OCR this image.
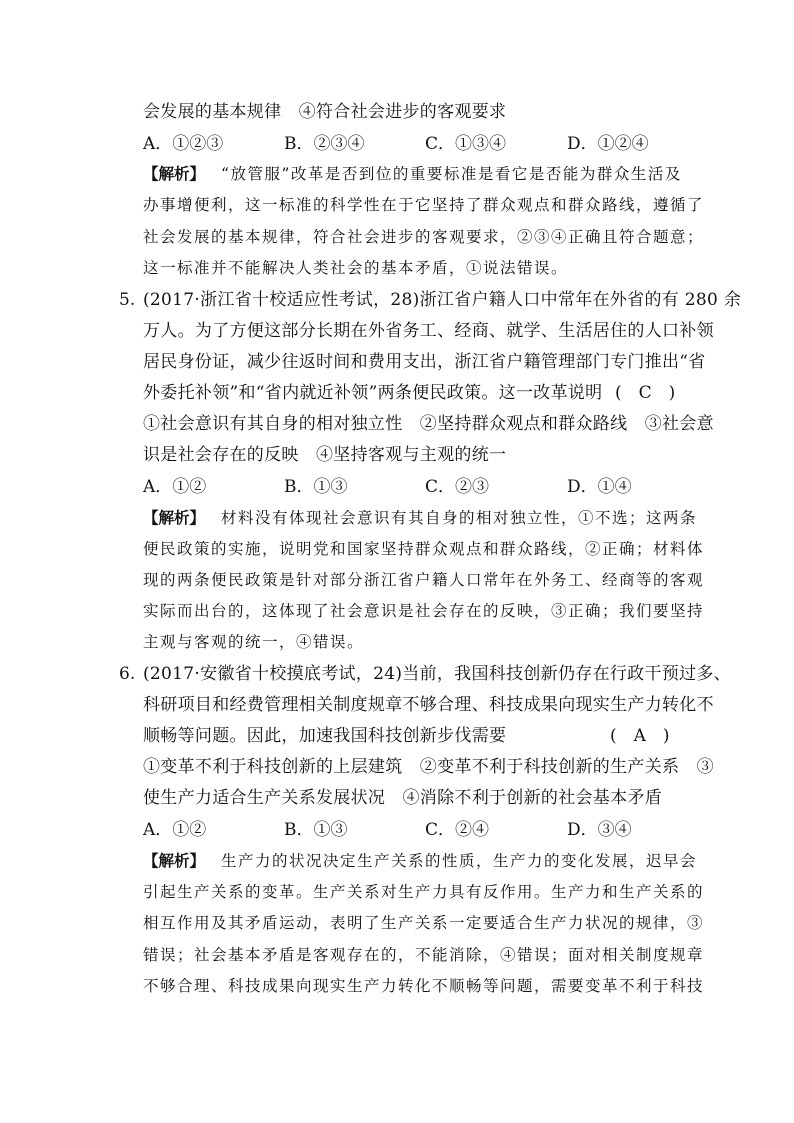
会发展的基本规律　④符合社会进步的客观要求
A．①②③	B．②③④	C．①③④	D．①②④
【解析】 “放管服”改革是否到位的重要标准是看它是否能为群众生活及
办事增便利，这一标准的科学性在于它坚持了群众观点和群众路线，遵循了
社会发展的基本规律，符合社会进步的客观要求，②③④正确且符合题意；
这一标准并不能解决人类社会的基本矛盾，①说法错误。
5. (2017·浙江省十校适应性考试，28)浙江省户籍人口中常年在外省的有 280 余
万人。为了方便这部分长期在外省务工、经商、就学、生活居住的人口补领
居民身份证，减少往返时间和费用支出，浙江省户籍管理部门专门推出“省
外委托补领”和“省内就近补领”两条便民政策。这一改革说明 (　C　)
①社会意识有其自身的相对独立性　②坚持群众观点和群众路线　③社会意
识是社会存在的反映　④坚持客观与主观的统一
A．①②	B．①③	C．②③	D．①④
【解析】 材料没有体现社会意识有其自身的相对独立性，①不选；这两条
便民政策的实施，说明党和国家坚持群众观点和群众路线，②正确；材料体
现的两条便民政策是针对部分浙江省户籍人口常年在外务工、经商等的客观
实际而出台的，这体现了社会意识是社会存在的反映，③正确；我们要坚持
主观与客观的统一，④错误。
6. (2017·安徽省十校摸底考试，24)当前，我国科技创新仍存在行政干预过多、
科研项目和经费管理相关制度规章不够合理、科技成果向现实生产力转化不
顺畅等问题。因此，加速我国科技创新步伐需要	(　A　)
①变革不利于科技创新的上层建筑　②变革不利于科技创新的生产关系　③
使生产力适合生产关系发展状况　④消除不利于创新的社会基本矛盾
A．①②	B．①③	C．②④	D．③④
【解析】 生产力的状况决定生产关系的性质，生产力的变化发展，迟早会
引起生产关系的变革。生产关系对生产力具有反作用。生产力和生产关系的
相互作用及其矛盾运动，表明了生产关系一定要适合生产力状况的规律，③
错误；社会基本矛盾是客观存在的，不能消除，④错误；面对相关制度规章
不够合理、科技成果向现实生产力转化不顺畅等问题，需要变革不利于科技
